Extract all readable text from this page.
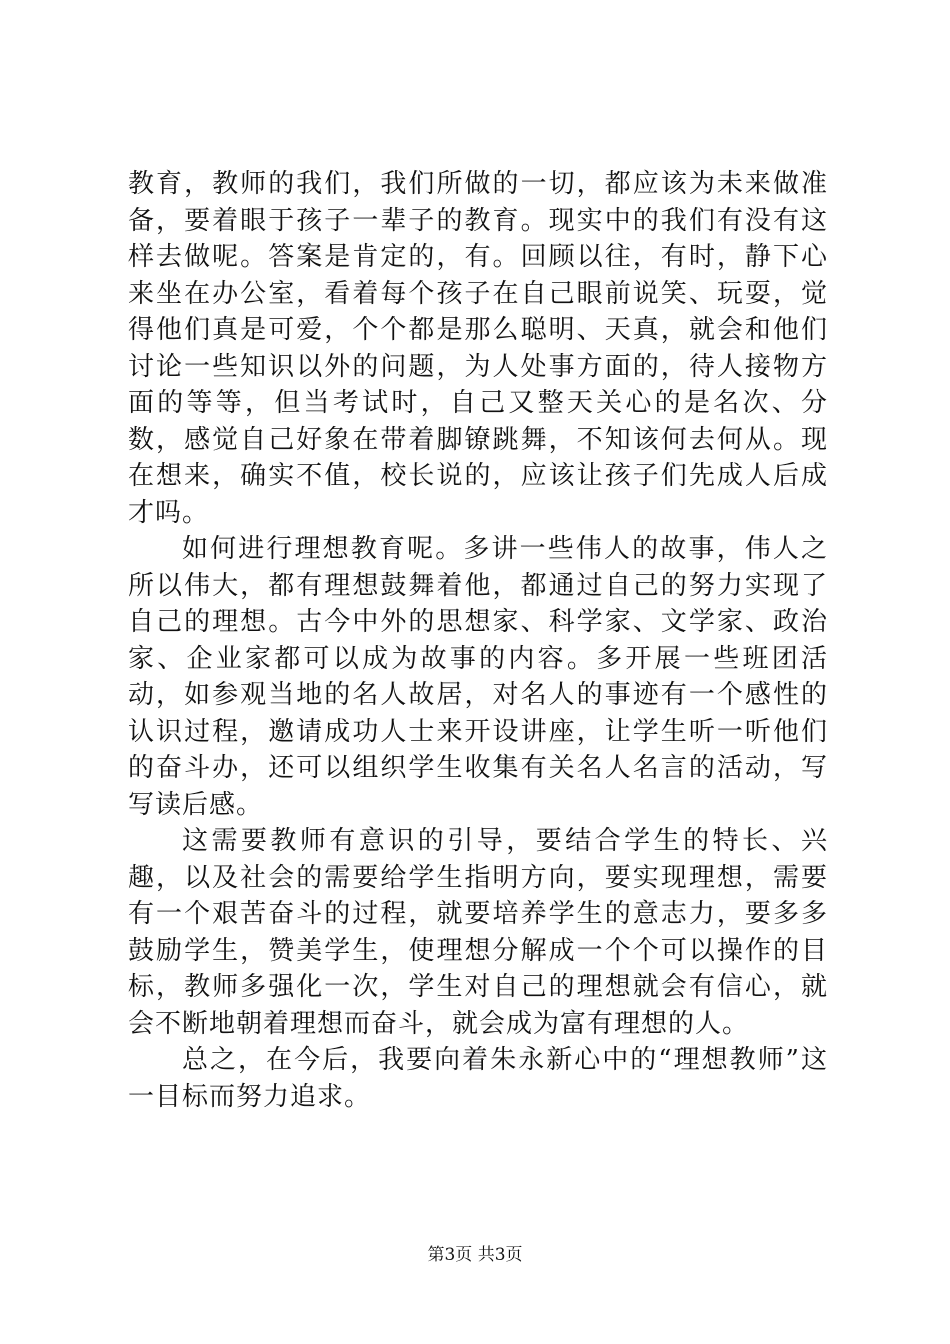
教育，教师的我们，我们所做的一切，都应该为未来做准备，要着眼于孩子一辈子的教育。现实中的我们有没有这样去做呢。答案是肯定的，有。回顾以往，有时，静下心来坐在办公室，看着每个孩子在自己眼前说笑、玩耍，觉得他们真是可爱，个个都是那么聪明、天真，就会和他们讨论一些知识以外的问题，为人处事方面的，待人接物方面的等等，但当考试时，自己又整天关心的是名次、分数，感觉自己好象在带着脚镣跳舞，不知该何去何从。现在想来，确实不值，校长说的，应该让孩子们先成人后成才吗。

如何进行理想教育呢。多讲一些伟人的故事，伟人之所以伟大，都有理想鼓舞着他，都通过自己的努力实现了自己的理想。古今中外的思想家、科学家、文学家、政治家、企业家都可以成为故事的内容。多开展一些班团活动，如参观当地的名人故居，对名人的事迹有一个感性的认识过程，邀请成功人士来开设讲座，让学生听一听他们的奋斗办，还可以组织学生收集有关名人名言的活动，写写读后感。

这需要教师有意识的引导，要结合学生的特长、兴趣，以及社会的需要给学生指明方向，要实现理想，需要有一个艰苦奋斗的过程，就要培养学生的意志力，要多多鼓励学生，赞美学生，使理想分解成一个个可以操作的目标，教师多强化一次，学生对自己的理想就会有信心，就会不断地朝着理想而奋斗，就会成为富有理想的人。

总之，在今后，我要向着朱永新心中的“理想教师”这一目标而努力追求。

第3页 共3页
